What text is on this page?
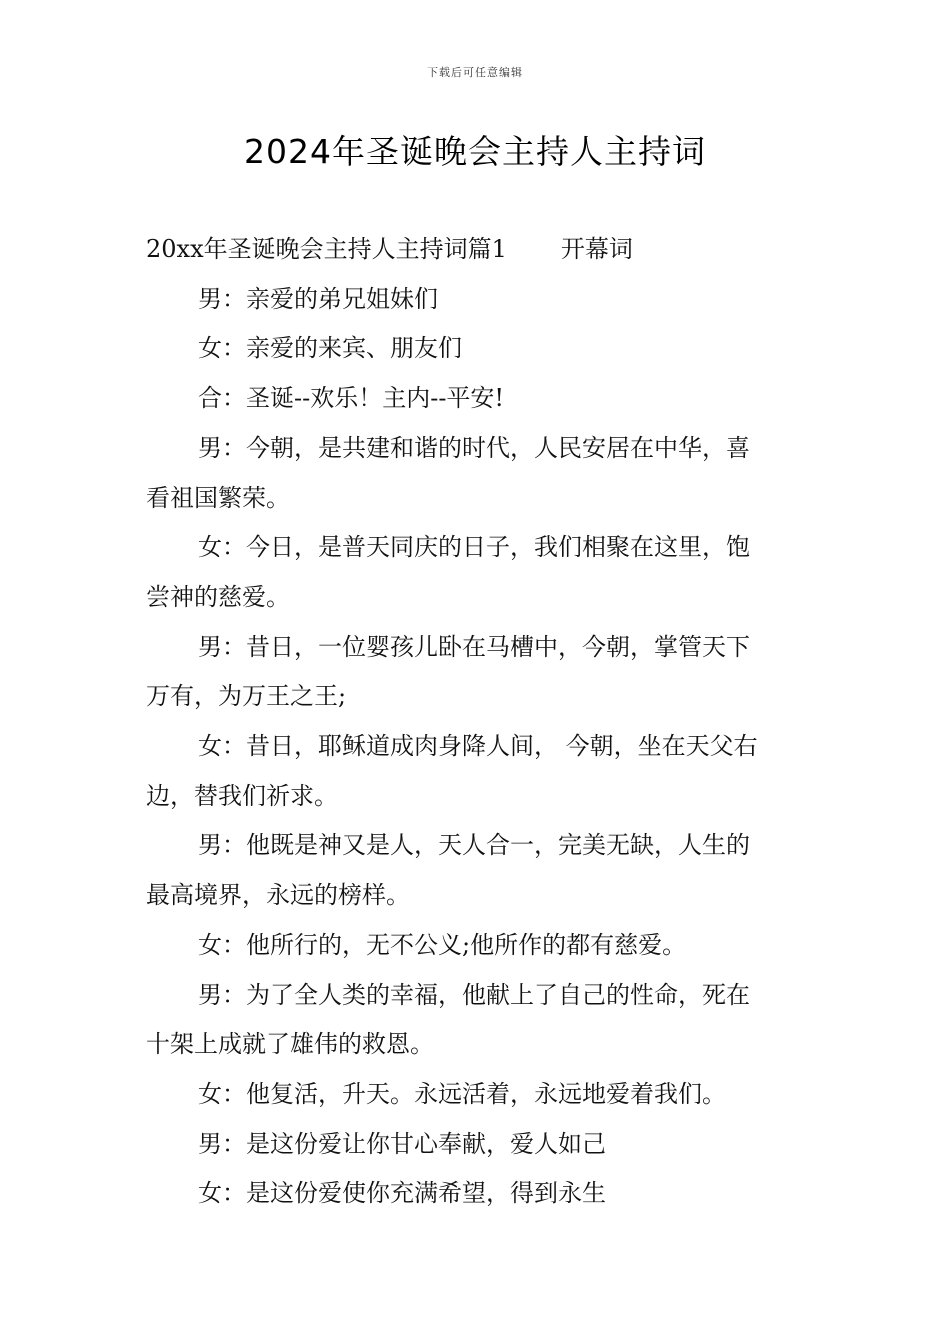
下载后可任意编辑
2024年圣诞晚会主持人主持词

20xx年圣诞晚会主持人主持词篇1 开幕词

男：亲爱的弟兄姐妹们

女：亲爱的来宾、朋友们

合：圣诞--欢乐！主内--平安!

男：今朝，是共建和谐的时代，人民安居在中华，喜

看祖国繁荣。

女：今日，是普天同庆的日子，我们相聚在这里，饱

尝神的慈爱。

男：昔日，一位婴孩儿卧在马槽中，今朝，掌管天下

万有，为万王之王;

女：昔日，耶稣道成肉身降人间， 今朝，坐在天父右

边，替我们祈求。

男：他既是神又是人，天人合一，完美无缺，人生的

最高境界，永远的榜样。

女：他所行的，无不公义;他所作的都有慈爱。

男：为了全人类的幸福，他献上了自己的性命，死在

十架上成就了雄伟的救恩。

女：他复活，升天。永远活着，永远地爱着我们。

男：是这份爱让你甘心奉献，爱人如己

女：是这份爱使你充满希望，得到永生
